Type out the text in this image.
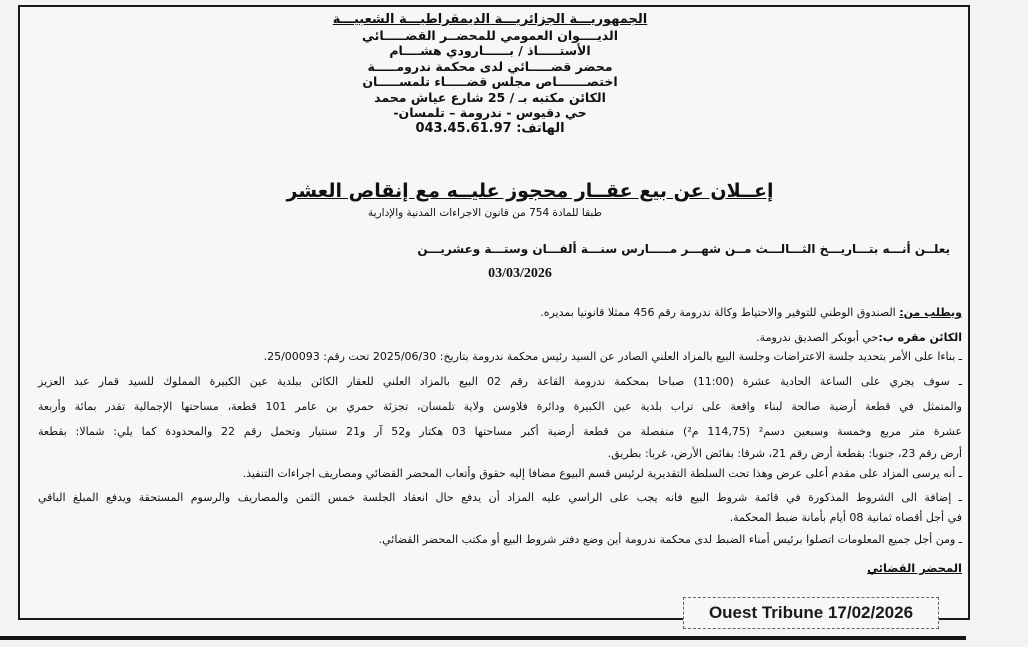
الجمهوريـــة الجزائريـــة الديمقراطيـــة الشعبيـــة
الديــــوان العمومي للمحضــر القضـــــائي
الأستـــــاذ / بــــــارودي هشــــام
محضر قضـــــائي لدى محكمة ندرومـــــة
اختصـــــــاص مجلس قضـــــاء تلمســـــان
الكائن مكتبه بـ / 25 شارع عياش محمد
حي دقيوس - ندرومة – تلمسان-
الهاتف: 043.45.61.97
إعــلان عن بيع عقــار محجوز عليــه مع إنقاص العشر
طبقا للمادة 754 من قانون الاجراءات المدنية والإدارية
يعلــن أنـــه بتـــاريـــخ الثـــالـــث مــن شهـــر مـــــارس سنـــة ألفـــان وستـــة وعشريـــن
03/03/2026
ويطلب من: الصندوق الوطني للتوفير والاحتياط وكالة ندرومة رقم 456 ممثلا قانونيا بمديره.
الكائن مقره ب:حي أبوبكر الصديق ندرومة.
ـ بناءا على الأمر بتحديد جلسة الاعتراضات وجلسة البيع بالمزاد العلني الصادر عن السيد رئيس محكمة ندرومة بتاريخ: 2025/06/30 تحت رقم: 25/00093.
ـ سوف يجري على الساعة الحادية عشرة (11:00) صباحا بمحكمة ندرومة القاعة رقم 02 البيع بالمزاد العلني للعقار الكائن ببلدية عين الكبيرة المملوك للسيد قمار عبد العزيز
والمتمثل في قطعة أرضية صالحة لبناء واقعة على تراب بلدية عين الكبيرة ودائرة فلاوسن ولاية تلمسان، تجزئة حمري بن عامر 101 قطعة، مساحتها الإجمالية تقدر بمائة وأربعة
عشرة متر مربع وخمسة وسبعين دسم² (114,75 م²) منفصلة من قطعة أرضية أكبر مساحتها 03 هكتار و52 آر و21 سنتيار وتحمل رقم 22 والمحدودة كما يلي: شمالا: بقطعة
أرض رقم 23، جنوبا: بقطعة أرض رقم 21، شرقا: بفائض الأرض، غربا: بطريق.
ـ أنه يرسى المزاد على مقدم أعلى عرض وهذا تحت السلطة التقديرية لرئيس قسم البيوع مضافا إليه حقوق وأتعاب المحضر القضائي ومصاريف اجراءات التنفيذ.
ـ إضافة الى الشروط المذكورة في قائمة شروط البيع فانه يجب على الراسي عليه المزاد أن يدفع حال انعقاد الجلسة خمس الثمن والمصاريف والرسوم المستحقة ويدفع المبلغ الباقي
في أجل أقصاه ثمانية 08 أيام بأمانة ضبط المحكمة.
ـ ومن أجل جميع المعلومات اتصلوا برئيس أمناء الضبط لدى محكمة ندرومة أين وضع دفتر شروط البيع أو مكتب المحضر القضائي.
المحضر القضائي
Ouest Tribune 17/02/2026
